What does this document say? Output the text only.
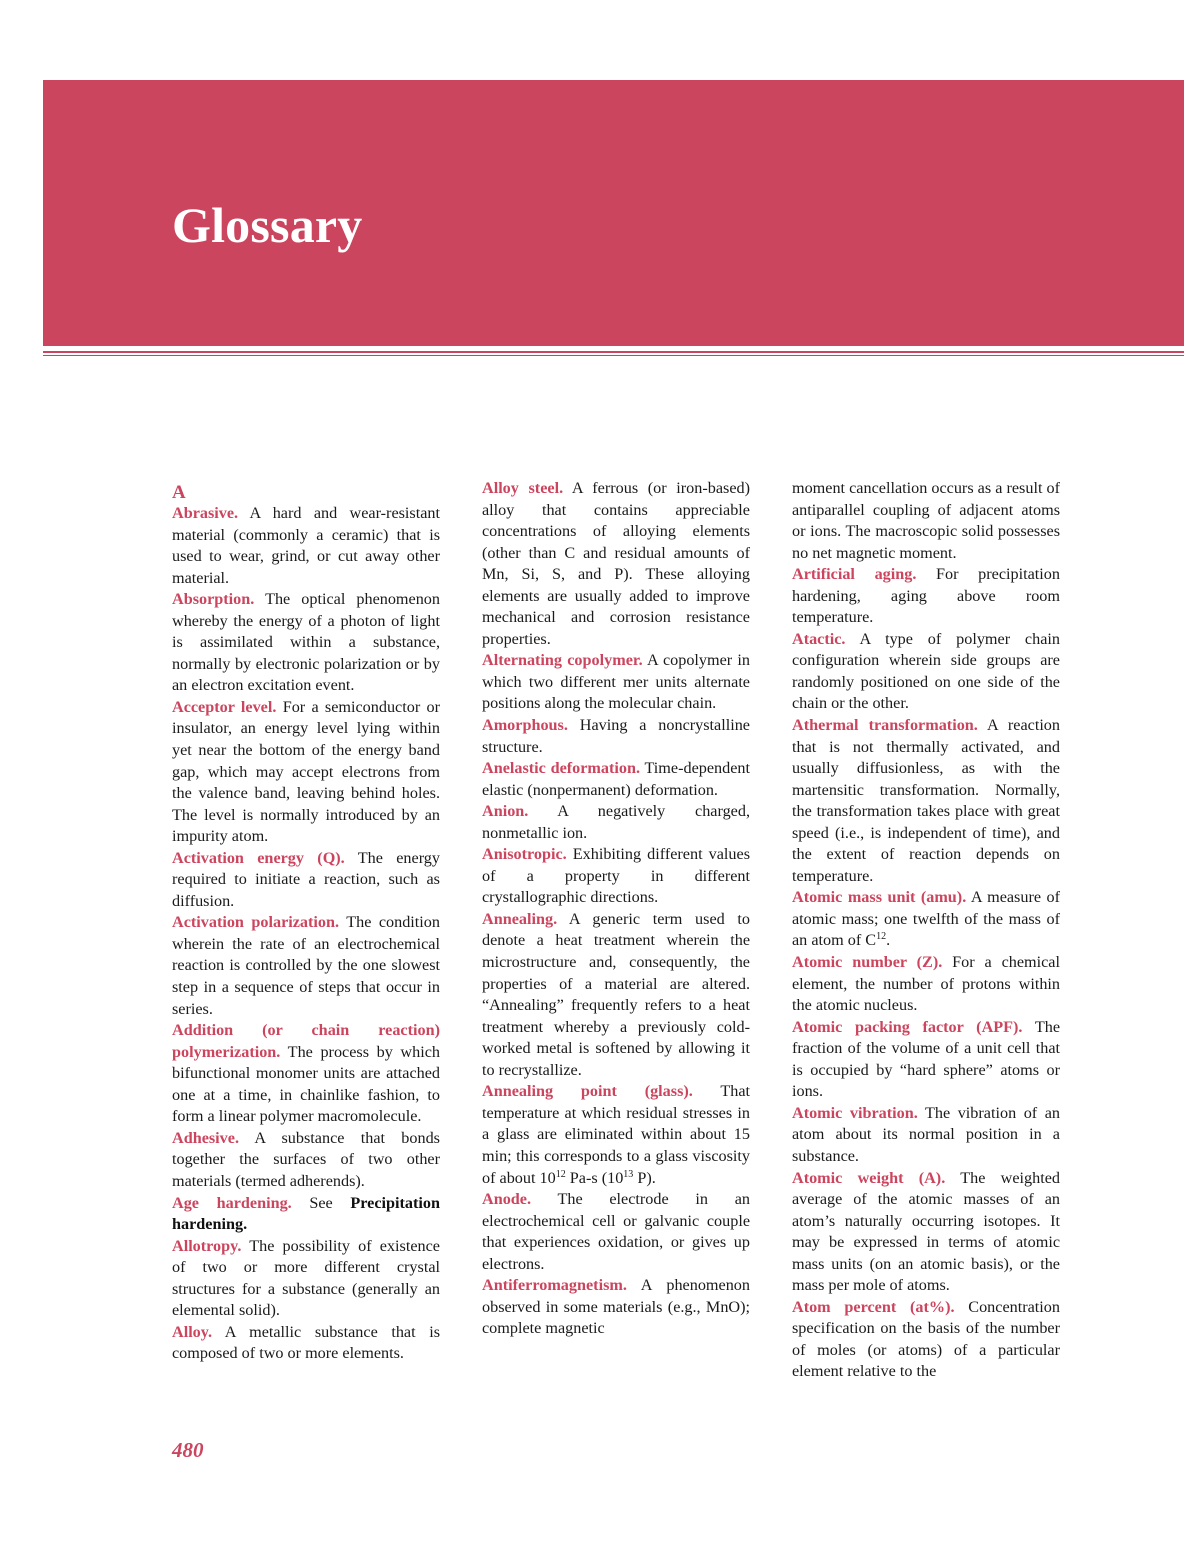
Glossary
A

Abrasive. A hard and wear-resistant material (commonly a ceramic) that is used to wear, grind, or cut away other material.

Absorption. The optical phenomenon whereby the energy of a photon of light is assimilated within a substance, normally by electronic polarization or by an electron excitation event.

Acceptor level. For a semiconductor or insulator, an energy level lying within yet near the bottom of the energy band gap, which may accept electrons from the valence band, leaving behind holes. The level is normally introduced by an impurity atom.

Activation energy (Q). The energy required to initiate a reaction, such as diffusion.

Activation polarization. The condition wherein the rate of an electrochemical reaction is controlled by the one slowest step in a sequence of steps that occur in series.

Addition (or chain reaction) polymerization. The process by which bifunctional monomer units are attached one at a time, in chainlike fashion, to form a linear polymer macromolecule.

Adhesive. A substance that bonds together the surfaces of two other materials (termed adherends).

Age hardening. See Precipitation hardening.

Allotropy. The possibility of existence of two or more different crystal structures for a substance (generally an elemental solid).

Alloy. A metallic substance that is composed of two or more elements.

Alloy steel. A ferrous (or iron-based) alloy that contains appreciable concentrations of alloying elements (other than C and residual amounts of Mn, Si, S, and P). These alloying elements are usually added to improve mechanical and corrosion resistance properties.

Alternating copolymer. A copolymer in which two different mer units alternate positions along the molecular chain.

Amorphous. Having a noncrystalline structure.

Anelastic deformation. Time-dependent elastic (nonpermanent) deformation.

Anion. A negatively charged, nonmetallic ion.

Anisotropic. Exhibiting different values of a property in different crystallographic directions.

Annealing. A generic term used to denote a heat treatment wherein the microstructure and, consequently, the properties of a material are altered. “Annealing” frequently refers to a heat treatment whereby a previously cold-worked metal is softened by allowing it to recrystallize.

Annealing point (glass). That temperature at which residual stresses in a glass are eliminated within about 15 min; this corresponds to a glass viscosity of about $10^{12}$ Pa-s ($10^{13}$ P).

Anode. The electrode in an electrochemical cell or galvanic couple that experiences oxidation, or gives up electrons.

Antiferromagnetism. A phenomenon observed in some materials (e.g., MnO); complete magnetic

moment cancellation occurs as a result of antiparallel coupling of adjacent atoms or ions. The macroscopic solid possesses no net magnetic moment.

Artificial aging. For precipitation hardening, aging above room temperature.

Atactic. A type of polymer chain configuration wherein side groups are randomly positioned on one side of the chain or the other.

Athermal transformation. A reaction that is not thermally activated, and usually diffusionless, as with the martensitic transformation. Normally, the transformation takes place with great speed (i.e., is independent of time), and the extent of reaction depends on temperature.

Atomic mass unit (amu). A measure of atomic mass; one twelfth of the mass of an atom of $C^{12}$.

Atomic number (Z). For a chemical element, the number of protons within the atomic nucleus.

Atomic packing factor (APF). The fraction of the volume of a unit cell that is occupied by “hard sphere” atoms or ions.

Atomic vibration. The vibration of an atom about its normal position in a substance.

Atomic weight (A). The weighted average of the atomic masses of an atom’s naturally occurring isotopes. It may be expressed in terms of atomic mass units (on an atomic basis), or the mass per mole of atoms.

Atom percent (at%). Concentration specification on the basis of the number of moles (or atoms) of a particular element relative to the

480
